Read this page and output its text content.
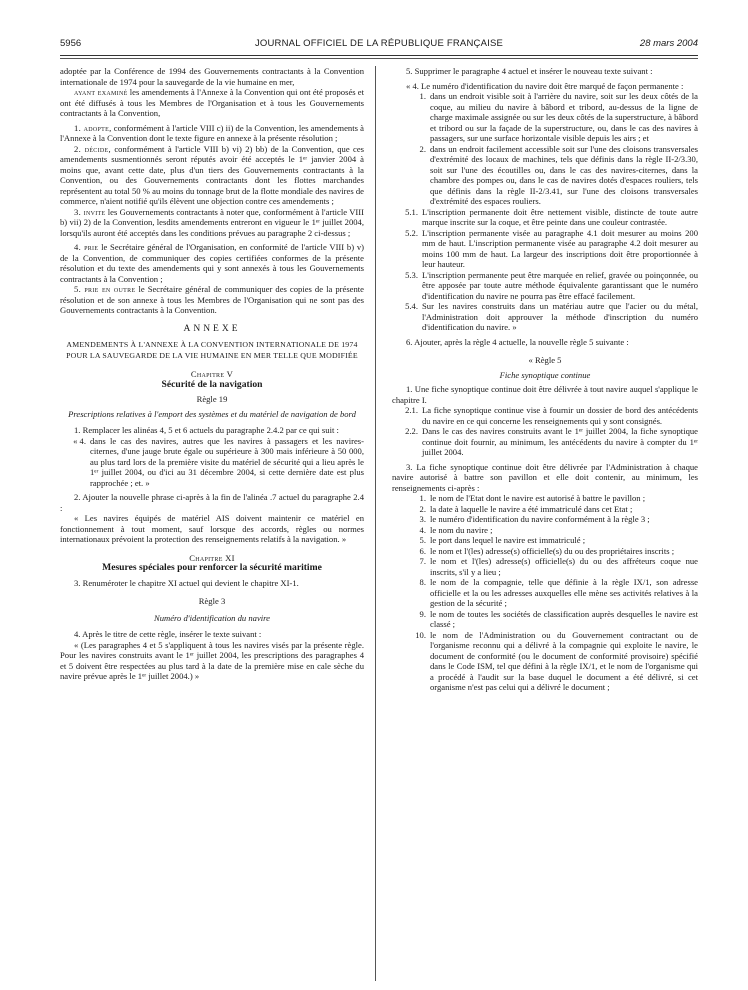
5956	JOURNAL OFFICIEL DE LA RÉPUBLIQUE FRANÇAISE	28 mars 2004

adoptée par la Conférence de 1994 des Gouvernements contractants à la Convention internationale de 1974 pour la sauvegarde de la vie humaine en mer,

ayant examiné les amendements à l'Annexe à la Convention qui ont été proposés et ont été diffusés à tous les Membres de l'Organisation et à tous les Gouvernements contractants à la Convention,

1. adopte, conformément à l'article VIII c) ii) de la Convention, les amendements à l'Annexe à la Convention dont le texte figure en annexe à la présente résolution ;

2. décide, conformément à l'article VIII b) vi) 2) bb) de la Convention, que ces amendements susmentionnés seront réputés avoir été acceptés le 1ᵉʳ janvier 2004 à moins que, avant cette date, plus d'un tiers des Gouvernements contractants à la Convention, ou des Gouvernements contractants dont les flottes marchandes représentent au total 50 % au moins du tonnage brut de la flotte mondiale des navires de commerce, n'aient notifié qu'ils élèvent une objection contre ces amendements ;

3. invite les Gouvernements contractants à noter que, conformément à l'article VIII b) vii) 2) de la Convention, lesdits amendements entreront en vigueur le 1ᵉʳ juillet 2004, lorsqu'ils auront été acceptés dans les conditions prévues au paragraphe 2 ci-dessus ;

4. prie le Secrétaire général de l'Organisation, en conformité de l'article VIII b) v) de la Convention, de communiquer des copies certifiées conformes de la présente résolution et du texte des amendements qui y sont annexés à tous les Gouvernements contractants à la Convention ;

5. prie en outre le Secrétaire général de communiquer des copies de la présente résolution et de son annexe à tous les Membres de l'Organisation qui ne sont pas des Gouvernements contractants à la Convention.

ANNEXE

AMENDEMENTS À L'ANNEXE À LA CONVENTION INTERNATIONALE DE 1974 POUR LA SAUVEGARDE DE LA VIE HUMAINE EN MER TELLE QUE MODIFIÉE

Chapitre V

Sécurité de la navigation

Règle 19

Prescriptions relatives à l'emport des systèmes et du matériel de navigation de bord

1. Remplacer les alinéas 4, 5 et 6 actuels du paragraphe 2.4.2 par ce qui suit :

« 4. dans le cas des navires, autres que les navires à passagers et les navires-citernes, d'une jauge brute égale ou supérieure à 300 mais inférieure à 50 000, au plus tard lors de la première visite du matériel de sécurité qui a lieu après le 1ᵉʳ juillet 2004, ou d'ici au 31 décembre 2004, si cette dernière date est plus rapprochée ; et. »

2. Ajouter la nouvelle phrase ci-après à la fin de l'alinéa .7 actuel du paragraphe 2.4 :

« Les navires équipés de matériel AIS doivent maintenir ce matériel en fonctionnement à tout moment, sauf lorsque des accords, règles ou normes internationaux prévoient la protection des renseignements relatifs à la navigation. »

Chapitre XI

Mesures spéciales pour renforcer la sécurité maritime

3. Renuméroter le chapitre XI actuel qui devient le chapitre XI-1.

Règle 3

Numéro d'identification du navire

4. Après le titre de cette règle, insérer le texte suivant :

« (Les paragraphes 4 et 5 s'appliquent à tous les navires visés par la présente règle. Pour les navires construits avant le 1ᵉʳ juillet 2004, les prescriptions des paragraphes 4 et 5 doivent être respectées au plus tard à la date de la première mise en cale sèche du navire prévue après le 1ᵉʳ juillet 2004.) »

5. Supprimer le paragraphe 4 actuel et insérer le nouveau texte suivant :

« 4. Le numéro d'identification du navire doit être marqué de façon permanente :

1. dans un endroit visible soit à l'arrière du navire, soit sur les deux côtés de la coque, au milieu du navire à bâbord et tribord, au-dessus de la ligne de charge maximale assignée ou sur les deux côtés de la superstructure, à bâbord et tribord ou sur la façade de la superstructure, ou, dans le cas des navires à passagers, sur une surface horizontale visible depuis les airs ; et

2. dans un endroit facilement accessible soit sur l'une des cloisons transversales d'extrémité des locaux de machines, tels que définis dans la règle II-2/3.30, soit sur l'une des écoutilles ou, dans le cas des navires-citernes, dans la chambre des pompes ou, dans le cas de navires dotés d'espaces rouliers, tels que définis dans la règle II-2/3.41, sur l'une des cloisons transversales d'extrémité des espaces rouliers.

5.1. L'inscription permanente doit être nettement visible, distincte de toute autre marque inscrite sur la coque, et être peinte dans une couleur contrastée.

5.2. L'inscription permanente visée au paragraphe 4.1 doit mesurer au moins 200 mm de haut. L'inscription permanente visée au paragraphe 4.2 doit mesurer au moins 100 mm de haut. La largeur des inscriptions doit être proportionnée à leur hauteur.

5.3. L'inscription permanente peut être marquée en relief, gravée ou poinçonnée, ou être apposée par toute autre méthode équivalente garantissant que le numéro d'identification du navire ne pourra pas être effacé facilement.

5.4. Sur les navires construits dans un matériau autre que l'acier ou du métal, l'Administration doit approuver la méthode d'inscription du numéro d'identification du navire. »

6. Ajouter, après la règle 4 actuelle, la nouvelle règle 5 suivante :

« Règle 5

Fiche synoptique continue

1. Une fiche synoptique continue doit être délivrée à tout navire auquel s'applique le chapitre I.

2.1. La fiche synoptique continue vise à fournir un dossier de bord des antécédents du navire en ce qui concerne les renseignements qui y sont consignés.

2.2. Dans le cas des navires construits avant le 1ᵉʳ juillet 2004, la fiche synoptique continue doit fournir, au minimum, les antécédents du navire à compter du 1ᵉʳ juillet 2004.

3. La fiche synoptique continue doit être délivrée par l'Administration à chaque navire autorisé à battre son pavillon et elle doit contenir, au minimum, les renseignements ci-après :

1. le nom de l'Etat dont le navire est autorisé à battre le pavillon ;

2. la date à laquelle le navire a été immatriculé dans cet Etat ;

3. le numéro d'identification du navire conformément à la règle 3 ;

4. le nom du navire ;

5. le port dans lequel le navire est immatriculé ;

6. le nom et l'(les) adresse(s) officielle(s) du ou des propriétaires inscrits ;

7. le nom et l'(les) adresse(s) officielle(s) du ou des affréteurs coque nue inscrits, s'il y a lieu ;

8. le nom de la compagnie, telle que définie à la règle IX/1, son adresse officielle et la ou les adresses auxquelles elle mène ses activités relatives à la gestion de la sécurité ;

9. le nom de toutes les sociétés de classification auprès desquelles le navire est classé ;

10. le nom de l'Administration ou du Gouvernement contractant ou de l'organisme reconnu qui a délivré à la compagnie qui exploite le navire, le document de conformité (ou le document de conformité provisoire) spécifié dans le Code ISM, tel que défini à la règle IX/1, et le nom de l'organisme qui a procédé à l'audit sur la base duquel le document a été délivré, si cet organisme n'est pas celui qui a délivré le document ;
